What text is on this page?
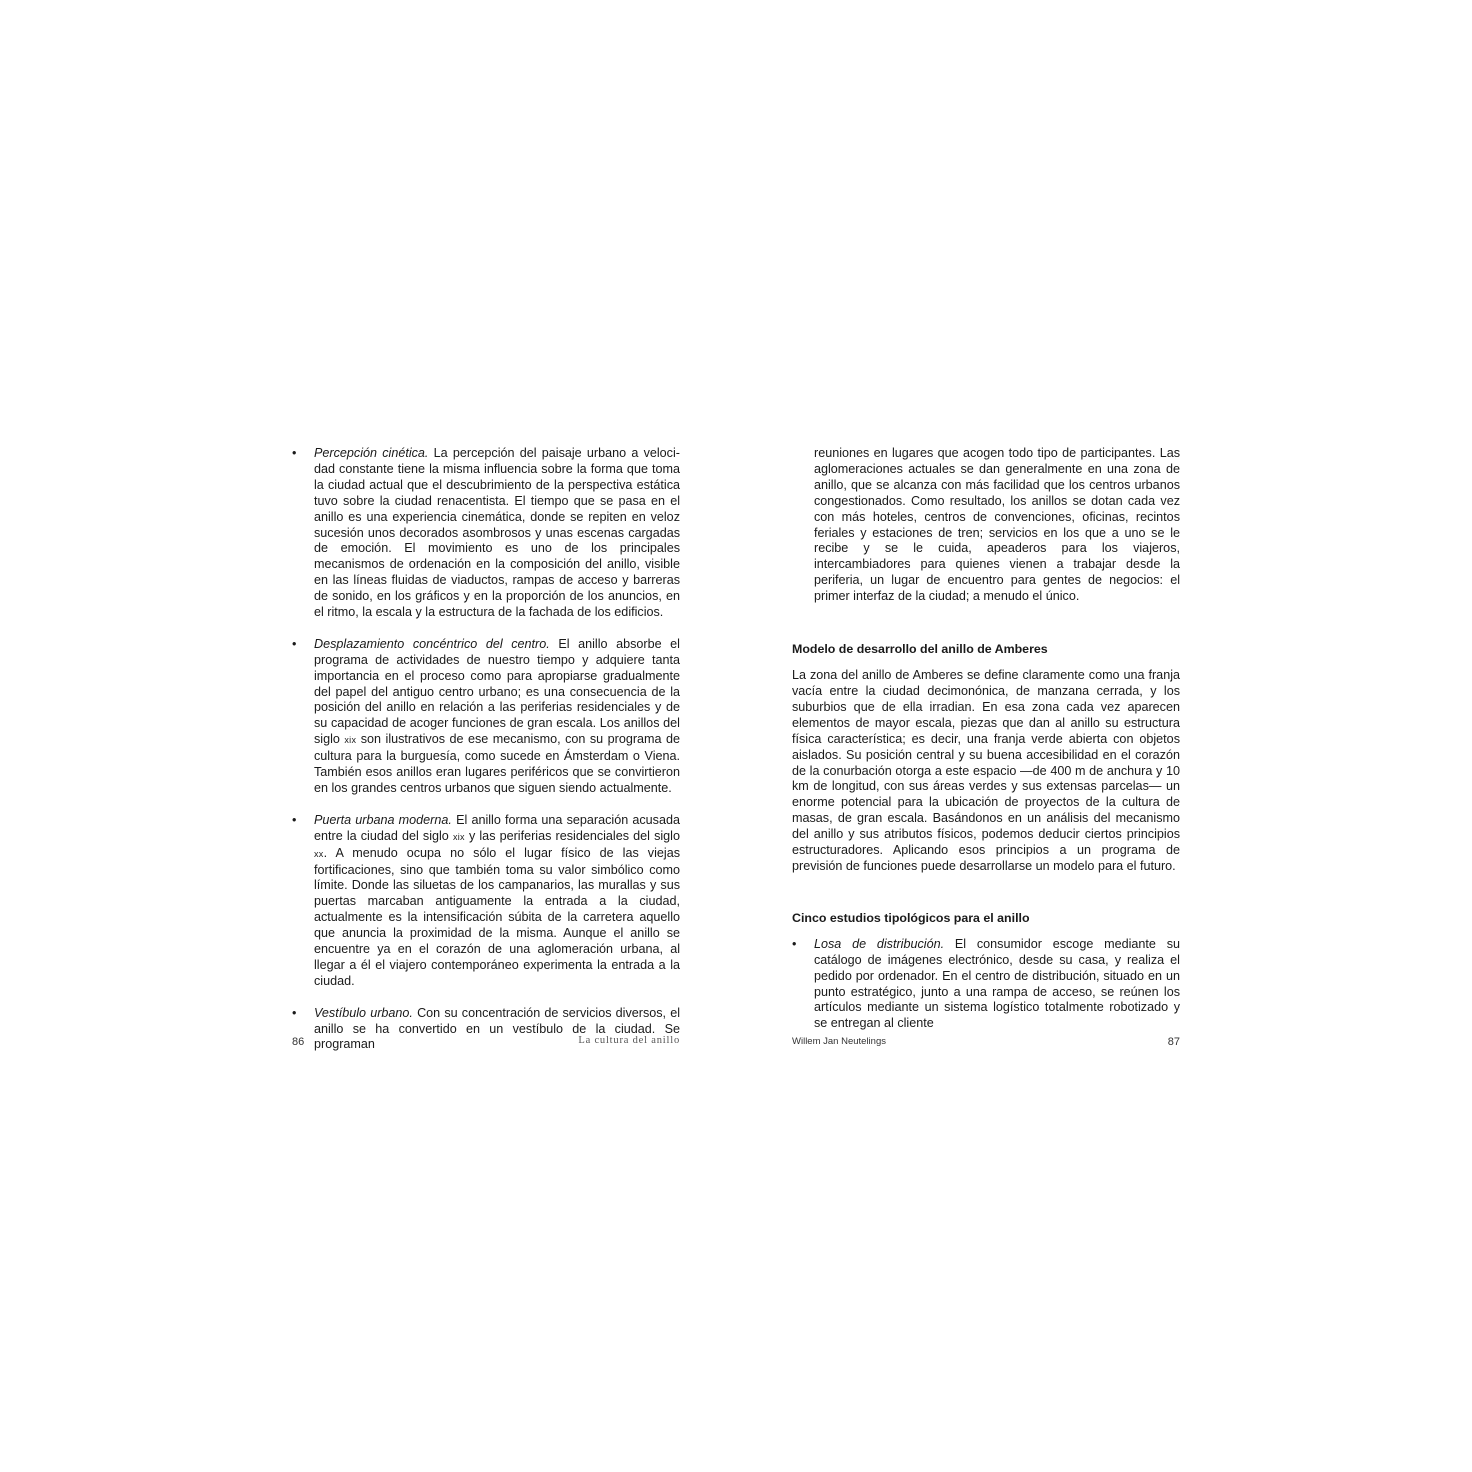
•	Percepción cinética. La percepción del paisaje urbano a velocidad constante tiene la misma influencia sobre la forma que toma la ciudad actual que el descubrimiento de la perspectiva estática tuvo sobre la ciudad renacentista. El tiempo que se pasa en el anillo es una experiencia cinemática, donde se repiten en veloz sucesión unos decorados asombrosos y unas escenas cargadas de emoción. El movimiento es uno de los principales mecanismos de ordenación en la composición del anillo, visible en las líneas fluidas de viaductos, rampas de acceso y barreras de sonido, en los gráficos y en la proporción de los anuncios, en el ritmo, la escala y la estructura de la fachada de los edificios.
•	Desplazamiento concéntrico del centro. El anillo absorbe el programa de actividades de nuestro tiempo y adquiere tanta importancia en el proceso como para apropiarse gradualmente del papel del antiguo centro urbano; es una consecuencia de la posición del anillo en relación a las periferias residenciales y de su capacidad de acoger funciones de gran escala. Los anillos del siglo xix son ilustrativos de ese mecanismo, con su programa de cultura para la burguesía, como sucede en Ámsterdam o Viena. También esos anillos eran lugares periféricos que se convirtieron en los grandes centros urbanos que siguen siendo actualmente.
•	Puerta urbana moderna. El anillo forma una separación acusada entre la ciudad del siglo xix y las periferias residenciales del siglo xx. A menudo ocupa no sólo el lugar físico de las viejas fortificaciones, sino que también toma su valor simbólico como límite. Donde las siluetas de los campanarios, las murallas y sus puertas marcaban antiguamente la entrada a la ciudad, actualmente es la intensificación súbita de la carretera aquello que anuncia la proximidad de la misma. Aunque el anillo se encuentre ya en el corazón de una aglomeración urbana, al llegar a él el viajero contemporáneo experimenta la entrada a la ciudad.
•	Vestíbulo urbano. Con su concentración de servicios diversos, el anillo se ha convertido en un vestíbulo de la ciudad. Se programan
86	La cultura del anillo
reuniones en lugares que acogen todo tipo de participantes. Las aglomeraciones actuales se dan generalmente en una zona de anillo, que se alcanza con más facilidad que los centros urbanos congestionados. Como resultado, los anillos se dotan cada vez con más hoteles, centros de convenciones, oficinas, recintos feriales y estaciones de tren; servicios en los que a uno se le recibe y se le cuida, apeaderos para los viajeros, intercambiadores para quienes vienen a trabajar desde la periferia, un lugar de encuentro para gentes de negocios: el primer interfaz de la ciudad; a menudo el único.
Modelo de desarrollo del anillo de Amberes
La zona del anillo de Amberes se define claramente como una franja vacía entre la ciudad decimonónica, de manzana cerrada, y los suburbios que de ella irradian. En esa zona cada vez aparecen elementos de mayor escala, piezas que dan al anillo su estructura física característica; es decir, una franja verde abierta con objetos aislados. Su posición central y su buena accesibilidad en el corazón de la conurbación otorga a este espacio —de 400 m de anchura y 10 km de longitud, con sus áreas verdes y sus extensas parcelas— un enorme potencial para la ubicación de proyectos de la cultura de masas, de gran escala. Basándonos en un análisis del mecanismo del anillo y sus atributos físicos, podemos deducir ciertos principios estructuradores. Aplicando esos principios a un programa de previsión de funciones puede desarrollarse un modelo para el futuro.
Cinco estudios tipológicos para el anillo
•	Losa de distribución. El consumidor escoge mediante su catálogo de imágenes electrónico, desde su casa, y realiza el pedido por ordenador. En el centro de distribución, situado en un punto estratégico, junto a una rampa de acceso, se reúnen los artículos mediante un sistema logístico totalmente robotizado y se entregan al cliente
Willem Jan Neutelings	87
